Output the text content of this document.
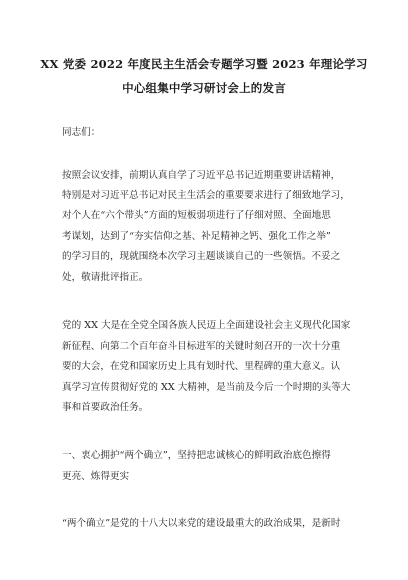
XX 党委 2022 年度民主生活会专题学习暨 2023 年理论学习
中心组集中学习研讨会上的发言
同志们：
按照会议安排，前期认真自学了习近平总书记近期重要讲话精神，
特别是对习近平总书记对民主生活会的重要要求进行了细致地学习，
对个人在“六个带头”方面的短板弱项进行了仔细对照、全面地思
考谋划，达到了“夯实信仰之基、补足精神之钙、强化工作之举”
的学习目的，现就围绕本次学习主题谈谈自己的一些领悟。不妥之
处，敬请批评指正。
党的 XX 大是在全党全国各族人民迈上全面建设社会主义现代化国家
新征程、向第二个百年奋斗目标进军的关键时刻召开的一次十分重
要的大会，在党和国家历史上具有划时代、里程碑的重大意义。认
真学习宣传贯彻好党的 XX 大精神，是当前及今后一个时期的头等大
事和首要政治任务。
一、衷心拥护“两个确立”，坚持把忠诚核心的鲜明政治底色擦得
更亮、炼得更实
“两个确立”是党的十八大以来党的建设最重大的政治成果，是新时
